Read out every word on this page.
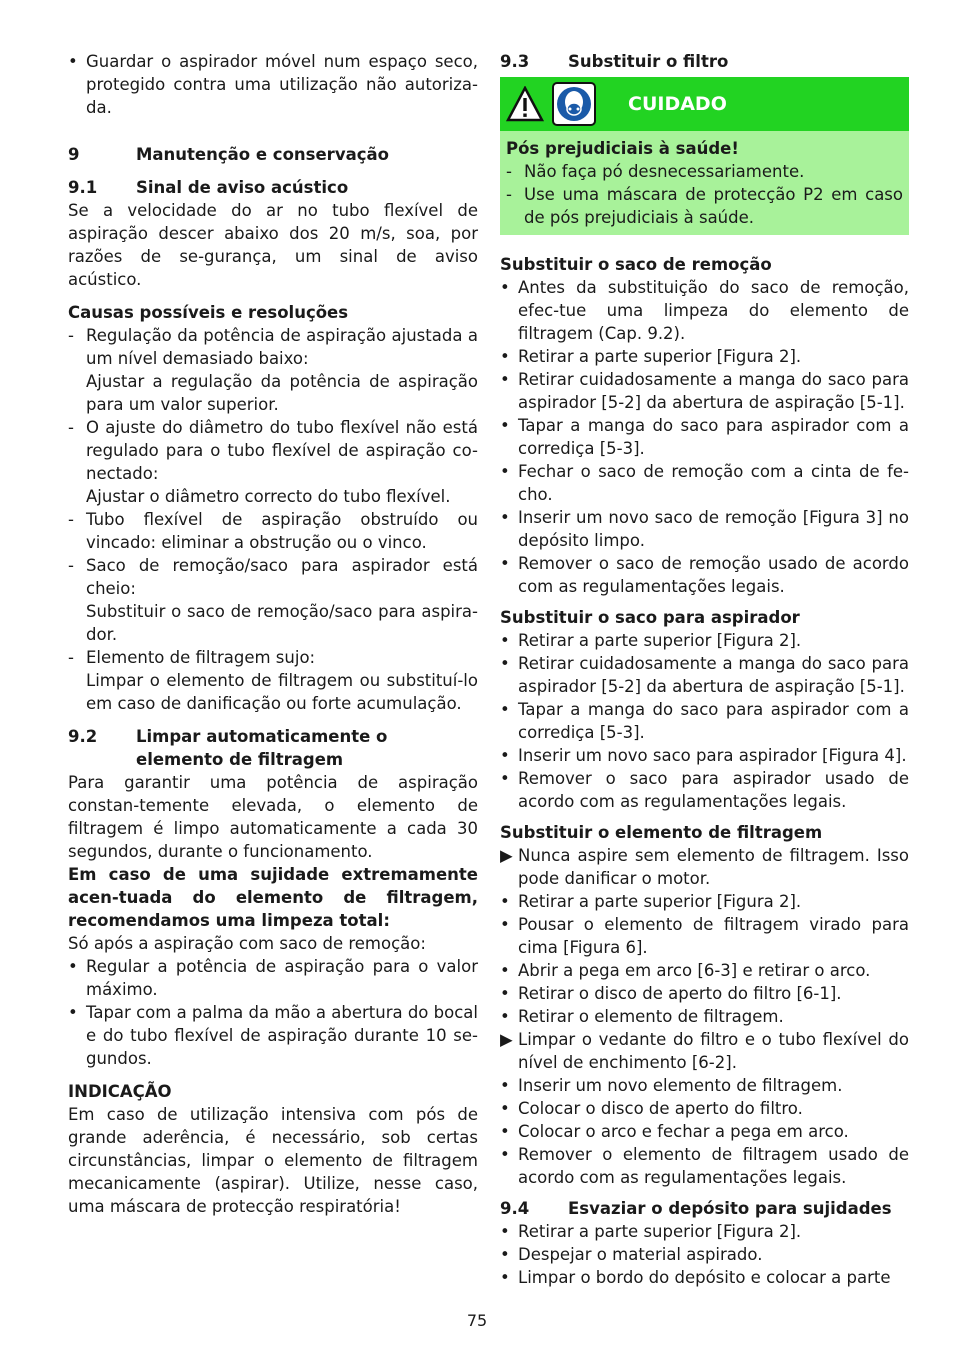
• Guardar o aspirador móvel num espaço seco, protegido contra uma utilização não autoriza-da.
9	Manutenção e conservação
9.1	Sinal de aviso acústico

Se a velocidade do ar no tubo flexível de aspiração descer abaixo dos 20 m/s, soa, por razões de se-gurança, um sinal de aviso acústico.

Causas possíveis e resoluções

- Regulação da potência de aspiração ajustada a um nível demasiado baixo:
Ajustar a regulação da potência de aspiração para um valor superior.
- O ajuste do diâmetro do tubo flexível não está regulado para o tubo flexível de aspiração co-nectado:
Ajustar o diâmetro correcto do tubo flexível.
- Tubo flexível de aspiração obstruído ou vincado: eliminar a obstrução ou o vinco.
- Saco de remoção/saco para aspirador está cheio:
Substituir o saco de remoção/saco para aspira-dor.
- Elemento de filtragem sujo:
Limpar o elemento de filtragem ou substituí-lo em caso de danificação ou forte acumulação.
9.2	Limpar automaticamente o elemento de filtragem

Para garantir uma potência de aspiração constan-temente elevada, o elemento de filtragem é limpo automaticamente a cada 30 segundos, durante o funcionamento.

Em caso de uma sujidade extremamente acen-tuada do elemento de filtragem, recomendamos uma limpeza total:

Só após a aspiração com saco de remoção:

• Regular a potência de aspiração para o valor máximo.
• Tapar com a palma da mão a abertura do bocal e do tubo flexível de aspiração durante 10 se-gundos.

INDICAÇÃO

Em caso de utilização intensiva com pós de grande aderência, é necessário, sob certas circunstâncias, limpar o elemento de filtragem mecanicamente (aspirar). Utilize, nesse caso, uma máscara de protecção respiratória!

9.3	Substituir o filtro
CUIDADO

Pós prejudiciais à saúde!

- Não faça pó desnecessariamente.
- Use uma máscara de protecção P2 em caso de pós prejudiciais à saúde.

Substituir o saco de remoção

• Antes da substituição do saco de remoção, efec-tue uma limpeza do elemento de filtragem (Cap. 9.2).
• Retirar a parte superior [Figura 2].
• Retirar cuidadosamente a manga do saco para aspirador [5-2] da abertura de aspiração [5-1].
• Tapar a manga do saco para aspirador com a corrediça [5-3].
• Fechar o saco de remoção com a cinta de fe-cho.
• Inserir um novo saco de remoção [Figura 3] no depósito limpo.
• Remover o saco de remoção usado de acordo com as regulamentações legais.

Substituir o saco para aspirador

• Retirar a parte superior [Figura 2].
• Retirar cuidadosamente a manga do saco para aspirador [5-2] da abertura de aspiração [5-1].
• Tapar a manga do saco para aspirador com a corrediça [5-3].
• Inserir um novo saco para aspirador [Figura 4].
• Remover o saco para aspirador usado de acordo com as regulamentações legais.

Substituir o elemento de filtragem

▶ Nunca aspire sem elemento de filtragem. Isso pode danificar o motor.
• Retirar a parte superior [Figura 2].
• Pousar o elemento de filtragem virado para cima [Figura 6].
• Abrir a pega em arco [6-3] e retirar o arco.
• Retirar o disco de aperto do filtro [6-1].
• Retirar o elemento de filtragem.
▶ Limpar o vedante do filtro e o tubo flexível do nível de enchimento [6-2].
• Inserir um novo elemento de filtragem.
• Colocar o disco de aperto do filtro.
• Colocar o arco e fechar a pega em arco.
• Remover o elemento de filtragem usado de acordo com as regulamentações legais.
9.4	Esvaziar o depósito para sujidades
• Retirar a parte superior [Figura 2].
• Despejar o material aspirado.
• Limpar o bordo do depósito e colocar a parte
75
